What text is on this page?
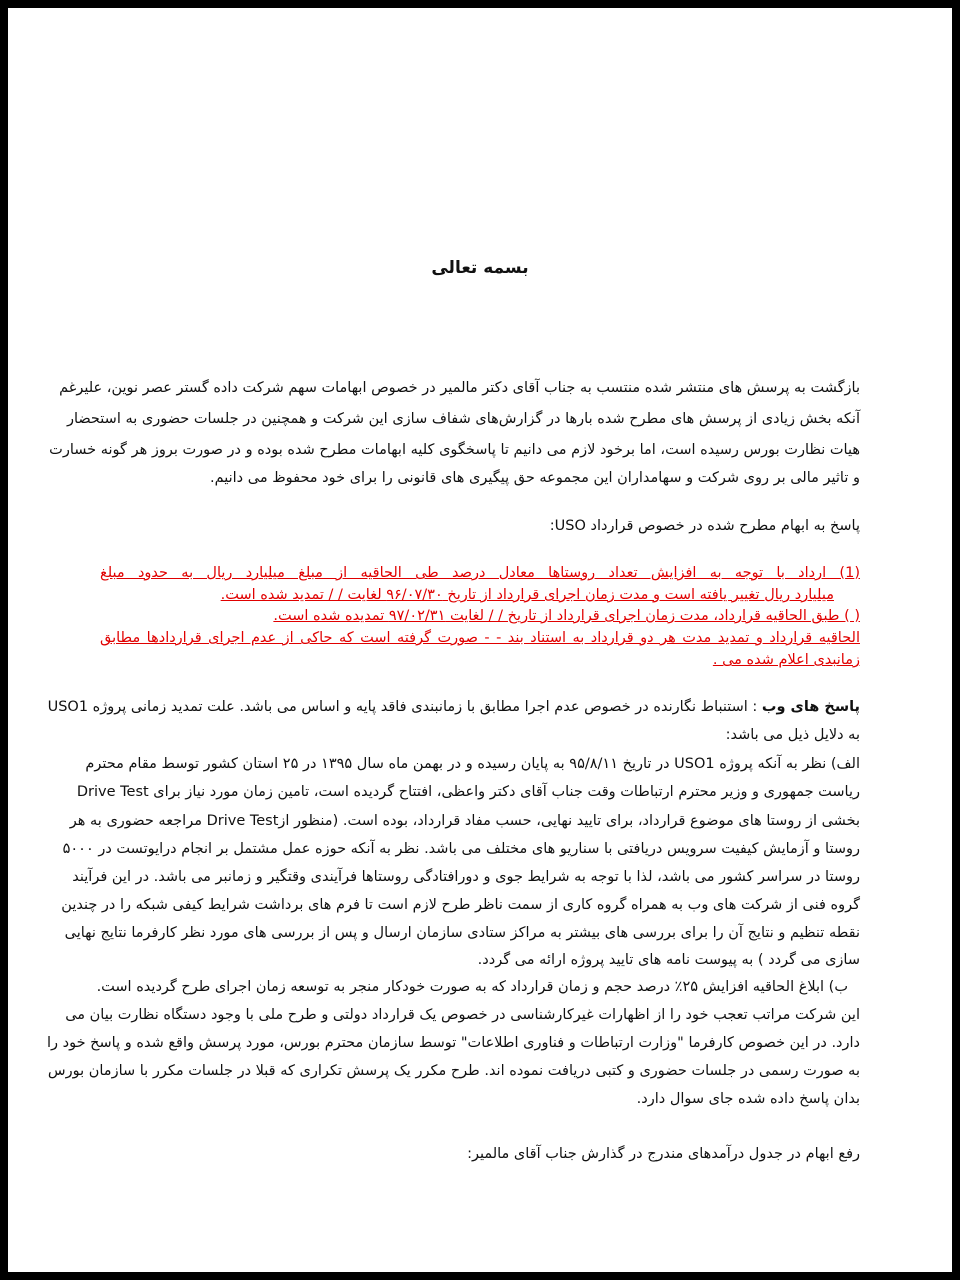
بسمه تعالی
بازگشت به پرسش های منتشر شده منتسب به جناب آقای دکتر مالمیر در خصوص ابهامات سهم شرکت داده گستر عصر نوین، علیرغم
آنکه بخش زیادی از پرسش های مطرح شده بارها در گزارش‌های شفاف سازی این شرکت و همچنین در جلسات حضوری به استحضار
هیات نظارت بورس رسیده است، اما برخود لازم می دانیم تا پاسخگوی کلیه ابهامات مطرح شده بوده و در صورت بروز هر گونه خسارت
و تاثیر مالی بر روی شرکت و سهامداران این مجموعه حق پیگیری های قانونی را برای خود محفوظ می دانیم.
پاسخ به ابهام مطرح شده در خصوص قرارداد USO:
(1) ارداد با توجه به افزایش تعداد روستاها معادل درصد طی الحاقیه از مبلغ میلیارد ریال به حدود مبلغ
میلیارد ریال تغییر یافته است و مدت زمان اجرای قرارداد از تاریخ ۹۶/۰۷/۳۰ لغایت / / تمدید شده است.
( ) طبق الحاقیه قرارداد، مدت زمان اجرای قرارداد از تاریخ / / لغایت ۹۷/۰۲/۳۱ تمدیده شده است.
الحاقیه قرارداد و تمدید مدت هر دو قرارداد به استناد بند - - صورت گرفته است که حاکی از عدم اجرای قراردادها مطابق
زمانبدی اعلام شده می .
پاسخ های وب : استنباط نگارنده در خصوص عدم اجرا مطابق با زمانبندی فاقد پایه و اساس می باشد. علت تمدید زمانی پروژه USO1
به دلایل ذیل می باشد:
الف) نظر به آنکه پروژه USO1 در تاریخ ۹۵/۸/۱۱ به پایان رسیده و در بهمن ماه سال ۱۳۹۵ در ۲۵ استان کشور توسط مقام محترم
ریاست جمهوری و وزیر محترم ارتباطات وقت جناب آقای دکتر واعظی، افتتاح گردیده است، تامین زمان مورد نیاز برای Drive Test
بخشی از روستا های موضوع قرارداد، برای تایید نهایی، حسب مفاد قرارداد، بوده است. (منظور ازDrive Test مراجعه حضوری به هر
روستا و آزمایش کیفیت سرویس دریافتی با سناریو های مختلف می باشد. نظر به آنکه حوزه عمل مشتمل بر انجام درایوتست در ۵۰۰۰
روستا در سراسر کشور می باشد، لذا با توجه به شرایط جوی و دورافتادگی روستاها فرآیندی وقتگیر و زمانبر می باشد. در این فرآیند
گروه فنی از شرکت های وب به همراه گروه کاری از سمت ناظر طرح لازم است تا فرم های برداشت شرایط کیفی شبکه را در چندین
نقطه تنظیم و نتایج آن را برای بررسی های بیشتر به مراکز ستادی سازمان ارسال و پس از بررسی های مورد نظر کارفرما نتایج نهایی
سازی می گردد ) به پیوست نامه های تایید پروژه ارائه می گردد.
ب) ابلاغ الحاقیه افزایش ۲۵٪ درصد حجم و زمان قرارداد که به صورت خودکار منجر به توسعه زمان اجرای طرح گردیده است.
این شرکت مراتب تعجب خود را از اظهارات غیرکارشناسی در خصوص یک قرارداد دولتی و طرح ملی با وجود دستگاه نظارت بیان می
دارد. در این خصوص کارفرما "وزارت ارتباطات و فناوری اطلاعات" توسط سازمان محترم بورس، مورد پرسش واقع شده و پاسخ خود را
به صورت رسمی در جلسات حضوری و کتبی دریافت نموده اند. طرح مکرر یک پرسش تکراری که قبلا در جلسات مکرر با سازمان بورس
بدان پاسخ داده شده جای سوال دارد.
رفع ابهام در جدول درآمدهای مندرج در گذارش جناب آقای مالمیر:
